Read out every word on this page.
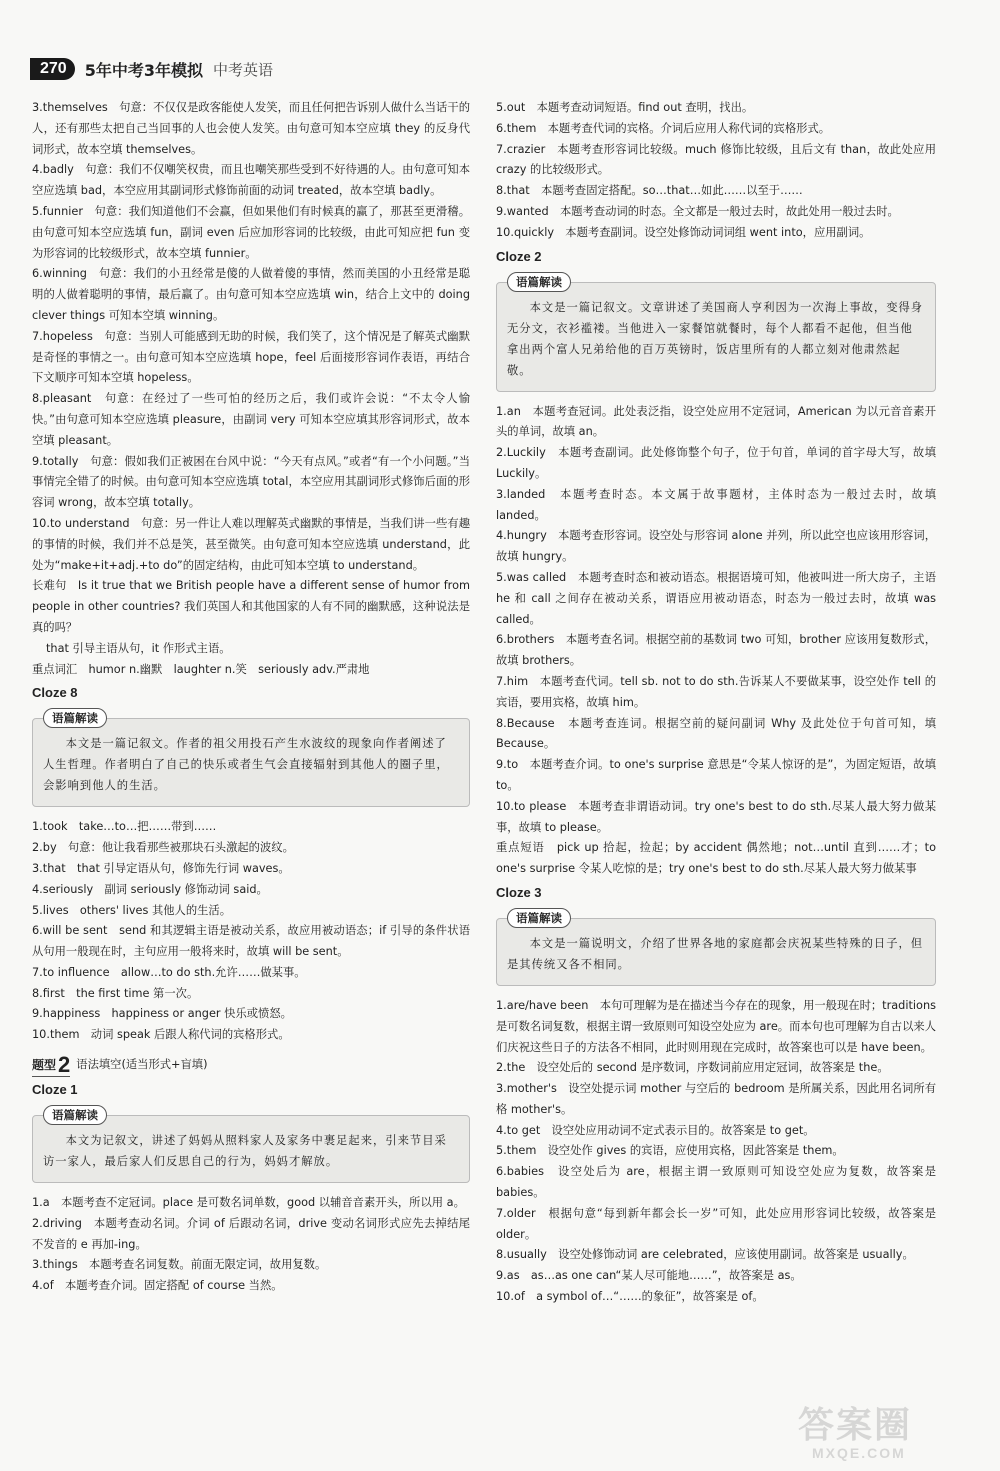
270	5年中考3年模拟 中考英语

3.themselves　句意：不仅仅是政客能使人发笑，而且任何把告诉别人做什么当话干的人，还有那些太把自己当回事的人也会使人发笑。由句意可知本空应填 they 的反身代词形式，故本空填 themselves。

4.badly　句意：我们不仅嘲笑权贵，而且也嘲笑那些受到不好待遇的人。由句意可知本空应选填 bad，本空应用其副词形式修饰前面的动词 treated，故本空填 badly。

5.funnier　句意：我们知道他们不会赢，但如果他们有时候真的赢了，那甚至更滑稽。由句意可知本空应选填 fun，副词 even 后应加形容词的比较级，由此可知应把 fun 变为形容词的比较级形式，故本空填 funnier。

6.winning　句意：我们的小丑经常是傻的人做着傻的事情，然而美国的小丑经常是聪明的人做着聪明的事情，最后赢了。由句意可知本空应选填 win，结合上文中的 doing clever things 可知本空填 winning。

7.hopeless　句意：当别人可能感到无助的时候，我们笑了，这个情况是了解英式幽默是奇怪的事情之一。由句意可知本空应选填 hope，feel 后面接形容词作表语，再结合下文顺序可知本空填 hopeless。

8.pleasant　句意：在经过了一些可怕的经历之后，我们或许会说：“不太令人愉快。”由句意可知本空应选填 pleasure，由副词 very 可知本空应填其形容词形式，故本空填 pleasant。

9.totally　句意：假如我们正被困在台风中说：“今天有点风。”或者“有一个小问题。”当事情完全错了的时候。由句意可知本空应选填 total，本空应用其副词形式修饰后面的形容词 wrong，故本空填 totally。

10.to understand　句意：另一件让人难以理解英式幽默的事情是，当我们讲一些有趣的事情的时候，我们并不总是笑，甚至微笑。由句意可知本空应选填 understand，此处为“make+it+adj.+to do”的固定结构，由此可知本空填 to understand。

长难句　Is it true that we British people have a different sense of humor from people in other countries? 我们英国人和其他国家的人有不同的幽默感，这种说法是真的吗？

that 引导主语从句，it 作形式主语。

重点词汇　humor n.幽默　laughter n.笑　seriously adv.严肃地

Cloze 8
语篇解读

本文是一篇记叙文。作者的祖父用投石产生水波纹的现象向作者阐述了人生哲理。作者明白了自己的快乐或者生气会直接辐射到其他人的圈子里，会影响到他人的生活。

1.took　take…to…把……带到……

2.by　句意：他让我看那些被那块石头激起的波纹。

3.that　that 引导定语从句，修饰先行词 waves。

4.seriously　副词 seriously 修饰动词 said。

5.lives　others' lives 其他人的生活。

6.will be sent　send 和其逻辑主语是被动关系，故应用被动语态；if 引导的条件状语从句用一般现在时，主句应用一般将来时，故填 will be sent。

7.to influence　allow…to do sth.允许……做某事。

8.first　the first time 第一次。

9.happiness　happiness or anger 快乐或愤怒。

10.them　动词 speak 后跟人称代词的宾格形式。

题型 2 语法填空(适当形式+盲填)
Cloze 1
语篇解读

本文为记叙文，讲述了妈妈从照料家人及家务中裹足起来，引来节目采访一家人，最后家人们反思自己的行为，妈妈才解放。

1.a　本题考查不定冠词。place 是可数名词单数，good 以辅音音素开头，所以用 a。

2.driving　本题考查动名词。介词 of 后跟动名词，drive 变动名词形式应先去掉结尾不发音的 e 再加-ing。

3.things　本题考查名词复数。前面无限定词，故用复数。

4.of　本题考查介词。固定搭配 of course 当然。

5.out　本题考查动词短语。find out 查明，找出。

6.them　本题考查代词的宾格。介词后应用人称代词的宾格形式。

7.crazier　本题考查形容词比较级。much 修饰比较级，且后文有 than，故此处应用 crazy 的比较级形式。

8.that　本题考查固定搭配。so…that…如此……以至于……

9.wanted　本题考查动词的时态。全文都是一般过去时，故此处用一般过去时。

10.quickly　本题考查副词。设空处修饰动词词组 went into，应用副词。

Cloze 2
语篇解读

本文是一篇记叙文。文章讲述了美国商人亨利因为一次海上事故，变得身无分文，衣衫褴褛。当他进入一家餐馆就餐时，每个人都看不起他，但当他拿出两个富人兄弟给他的百万英镑时，饭店里所有的人都立刻对他肃然起敬。

1.an　本题考查冠词。此处表泛指，设空处应用不定冠词，American 为以元音音素开头的单词，故填 an。

2.Luckily　本题考查副词。此处修饰整个句子，位于句首，单词的首字母大写，故填 Luckily。

3.landed　本题考查时态。本文属于故事题材，主体时态为一般过去时，故填 landed。

4.hungry　本题考查形容词。设空处与形容词 alone 并列，所以此空也应该用形容词，故填 hungry。

5.was called　本题考查时态和被动语态。根据语境可知，他被叫进一所大房子，主语 he 和 call 之间存在被动关系，谓语应用被动语态，时态为一般过去时，故填 was called。

6.brothers　本题考查名词。根据空前的基数词 two 可知，brother 应该用复数形式，故填 brothers。

7.him　本题考查代词。tell sb. not to do sth.告诉某人不要做某事，设空处作 tell 的宾语，要用宾格，故填 him。

8.Because　本题考查连词。根据空前的疑问副词 Why 及此处位于句首可知，填 Because。

9.to　本题考查介词。to one's surprise 意思是“令某人惊讶的是”，为固定短语，故填 to。

10.to please　本题考查非谓语动词。try one's best to do sth.尽某人最大努力做某事，故填 to please。

重点短语　pick up 拾起，捡起；by accident 偶然地；not…until 直到……才；to one's surprise 令某人吃惊的是；try one's best to do sth.尽某人最大努力做某事

Cloze 3
语篇解读

本文是一篇说明文，介绍了世界各地的家庭都会庆祝某些特殊的日子，但是其传统又各不相同。

1.are/have been　本句可理解为是在描述当今存在的现象，用一般现在时；traditions 是可数名词复数，根据主谓一致原则可知设空处应为 are。而本句也可理解为自古以来人们庆祝这些日子的方法各不相同，此时则用现在完成时，故答案也可以是 have been。

2.the　设空处后的 second 是序数词，序数词前应用定冠词，故答案是 the。

3.mother's　设空处提示词 mother 与空后的 bedroom 是所属关系，因此用名词所有格 mother's。

4.to get　设空处应用动词不定式表示目的。故答案是 to get。

5.them　设空处作 gives 的宾语，应使用宾格，因此答案是 them。

6.babies　设空处后为 are，根据主谓一致原则可知设空处应为复数，故答案是 babies。

7.older　根据句意“每到新年都会长一岁”可知，此处应用形容词比较级，故答案是 older。

8.usually　设空处修饰动词 are celebrated，应该使用副词。故答案是 usually。

9.as　as…as one can“某人尽可能地……”，故答案是 as。

10.of　a symbol of…“……的象征”，故答案是 of。

答案圈
MXQE.COM
